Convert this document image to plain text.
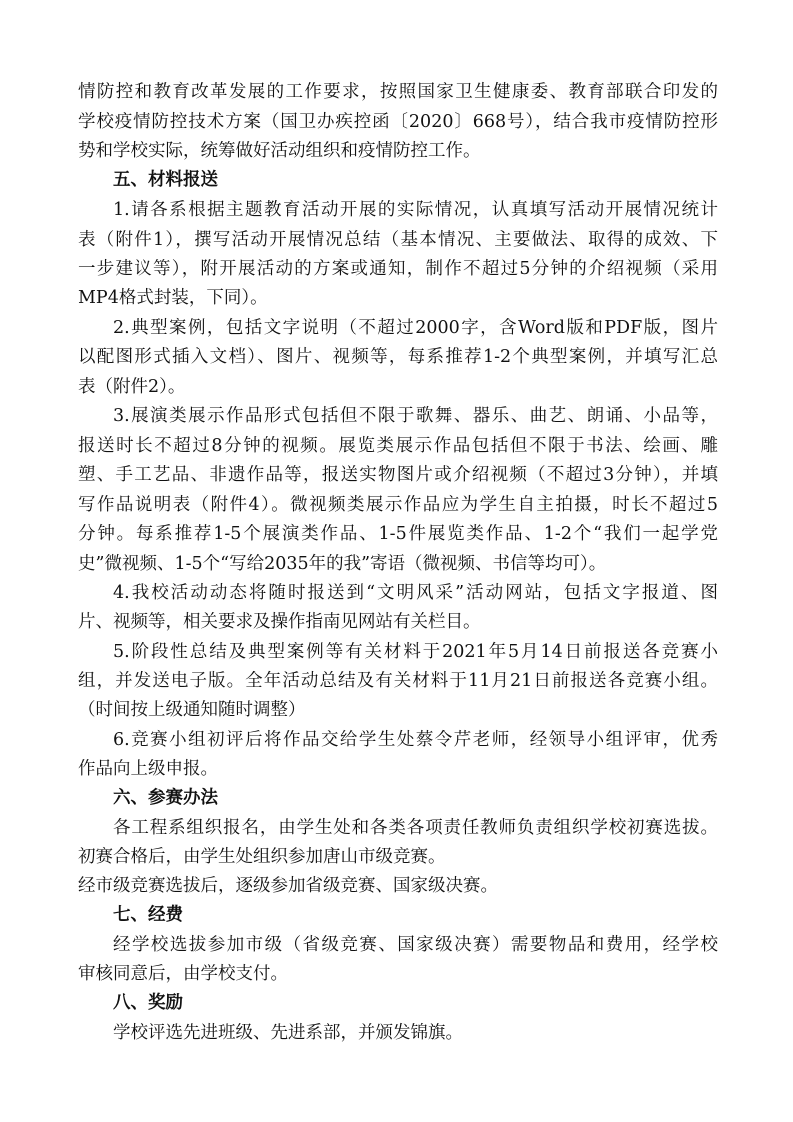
情防控和教育改革发展的工作要求，按照国家卫生健康委、教育部联合印发的
学校疫情防控技术方案（国卫办疾控函〔2020〕668号），结合我市疫情防控形
势和学校实际，统筹做好活动组织和疫情防控工作。
五、材料报送
1.请各系根据主题教育活动开展的实际情况，认真填写活动开展情况统计
表（附件1），撰写活动开展情况总结（基本情况、主要做法、取得的成效、下
一步建议等），附开展活动的方案或通知，制作不超过5分钟的介绍视频（采用
MP4格式封装，下同）。
2.典型案例，包括文字说明（不超过2000字，含Word版和PDF版，图片
以配图形式插入文档）、图片、视频等，每系推荐1-2个典型案例，并填写汇总
表（附件2）。
3.展演类展示作品形式包括但不限于歌舞、器乐、曲艺、朗诵、小品等，
报送时长不超过8分钟的视频。展览类展示作品包括但不限于书法、绘画、雕
塑、手工艺品、非遗作品等，报送实物图片或介绍视频（不超过3分钟），并填
写作品说明表（附件4）。微视频类展示作品应为学生自主拍摄，时长不超过5
分钟。每系推荐1-5个展演类作品、1-5件展览类作品、1-2个“我们一起学党
史”微视频、1-5个“写给2035年的我”寄语（微视频、书信等均可）。
4.我校活动动态将随时报送到“文明风采”活动网站，包括文字报道、图
片、视频等，相关要求及操作指南见网站有关栏目。
5.阶段性总结及典型案例等有关材料于2021年5月14日前报送各竞赛小
组，并发送电子版。全年活动总结及有关材料于11月21日前报送各竞赛小组。
（时间按上级通知随时调整）
6.竞赛小组初评后将作品交给学生处蔡令芹老师，经领导小组评审，优秀
作品向上级申报。
六、参赛办法
各工程系组织报名，由学生处和各类各项责任教师负责组织学校初赛选拔。
初赛合格后，由学生处组织参加唐山市级竞赛。
经市级竞赛选拔后，逐级参加省级竞赛、国家级决赛。
七、经费
经学校选拔参加市级（省级竞赛、国家级决赛）需要物品和费用，经学校
审核同意后，由学校支付。
八、奖励
学校评选先进班级、先进系部，并颁发锦旗。
